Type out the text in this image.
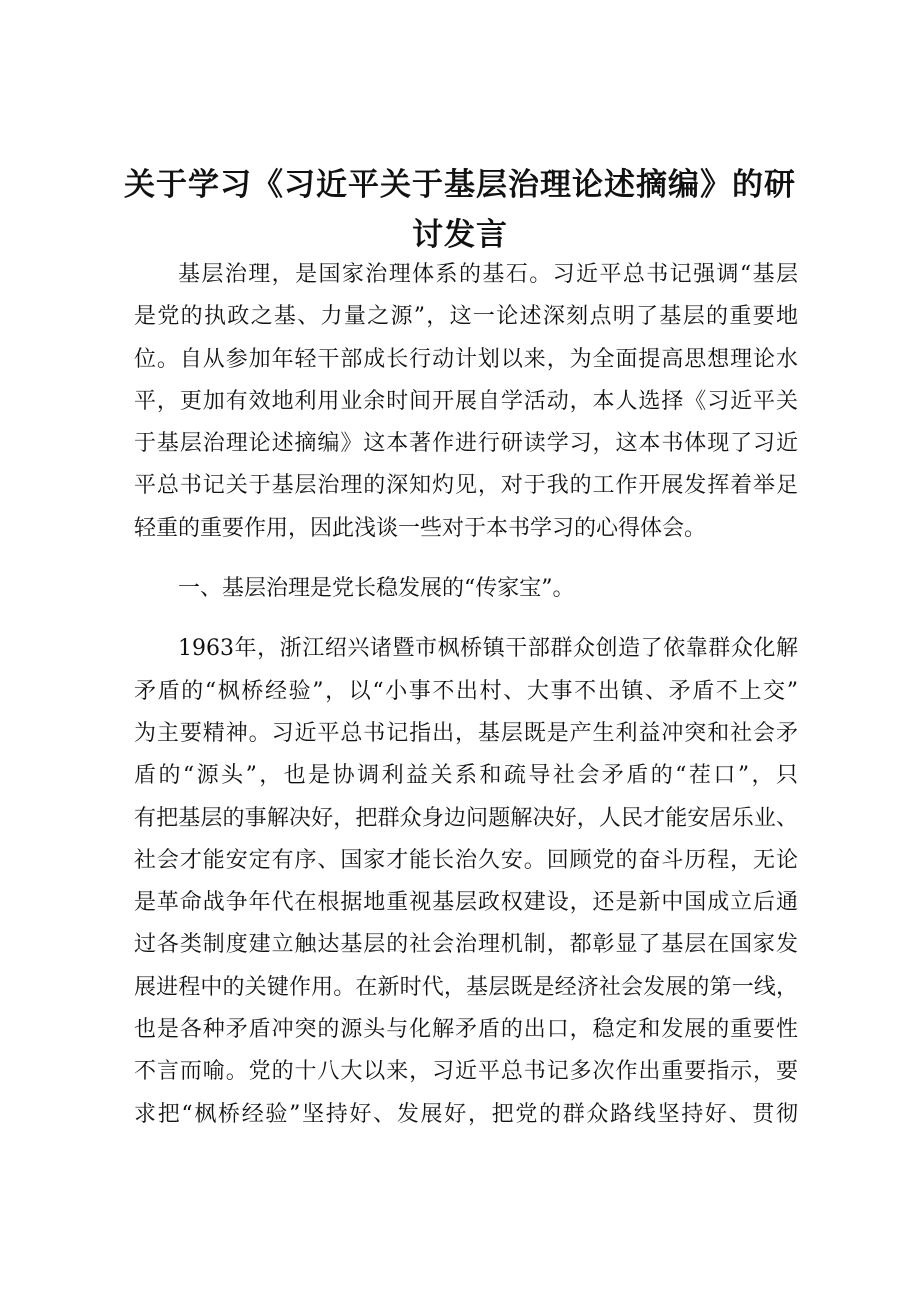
关于学习《习近平关于基层治理论述摘编》的研
讨发言
基层治理，是国家治理体系的基石。习近平总书记强调“基层
是党的执政之基、力量之源”，这一论述深刻点明了基层的重要地
位。自从参加年轻干部成长行动计划以来，为全面提高思想理论水
平，更加有效地利用业余时间开展自学活动，本人选择《习近平关
于基层治理论述摘编》这本著作进行研读学习，这本书体现了习近
平总书记关于基层治理的深知灼见，对于我的工作开展发挥着举足
轻重的重要作用，因此浅谈一些对于本书学习的心得体会。
一、基层治理是党长稳发展的“传家宝”。
1963年，浙江绍兴诸暨市枫桥镇干部群众创造了依靠群众化解
矛盾的“枫桥经验”，以“小事不出村、大事不出镇、矛盾不上交”
为主要精神。习近平总书记指出，基层既是产生利益冲突和社会矛
盾的“源头”，也是协调利益关系和疏导社会矛盾的“茬口”，只
有把基层的事解决好，把群众身边问题解决好，人民才能安居乐业、
社会才能安定有序、国家才能长治久安。回顾党的奋斗历程，无论
是革命战争年代在根据地重视基层政权建设，还是新中国成立后通
过各类制度建立触达基层的社会治理机制，都彰显了基层在国家发
展进程中的关键作用。在新时代，基层既是经济社会发展的第一线，
也是各种矛盾冲突的源头与化解矛盾的出口，稳定和发展的重要性
不言而喻。党的十八大以来，习近平总书记多次作出重要指示，要
求把“枫桥经验”坚持好、发展好，把党的群众路线坚持好、贯彻
